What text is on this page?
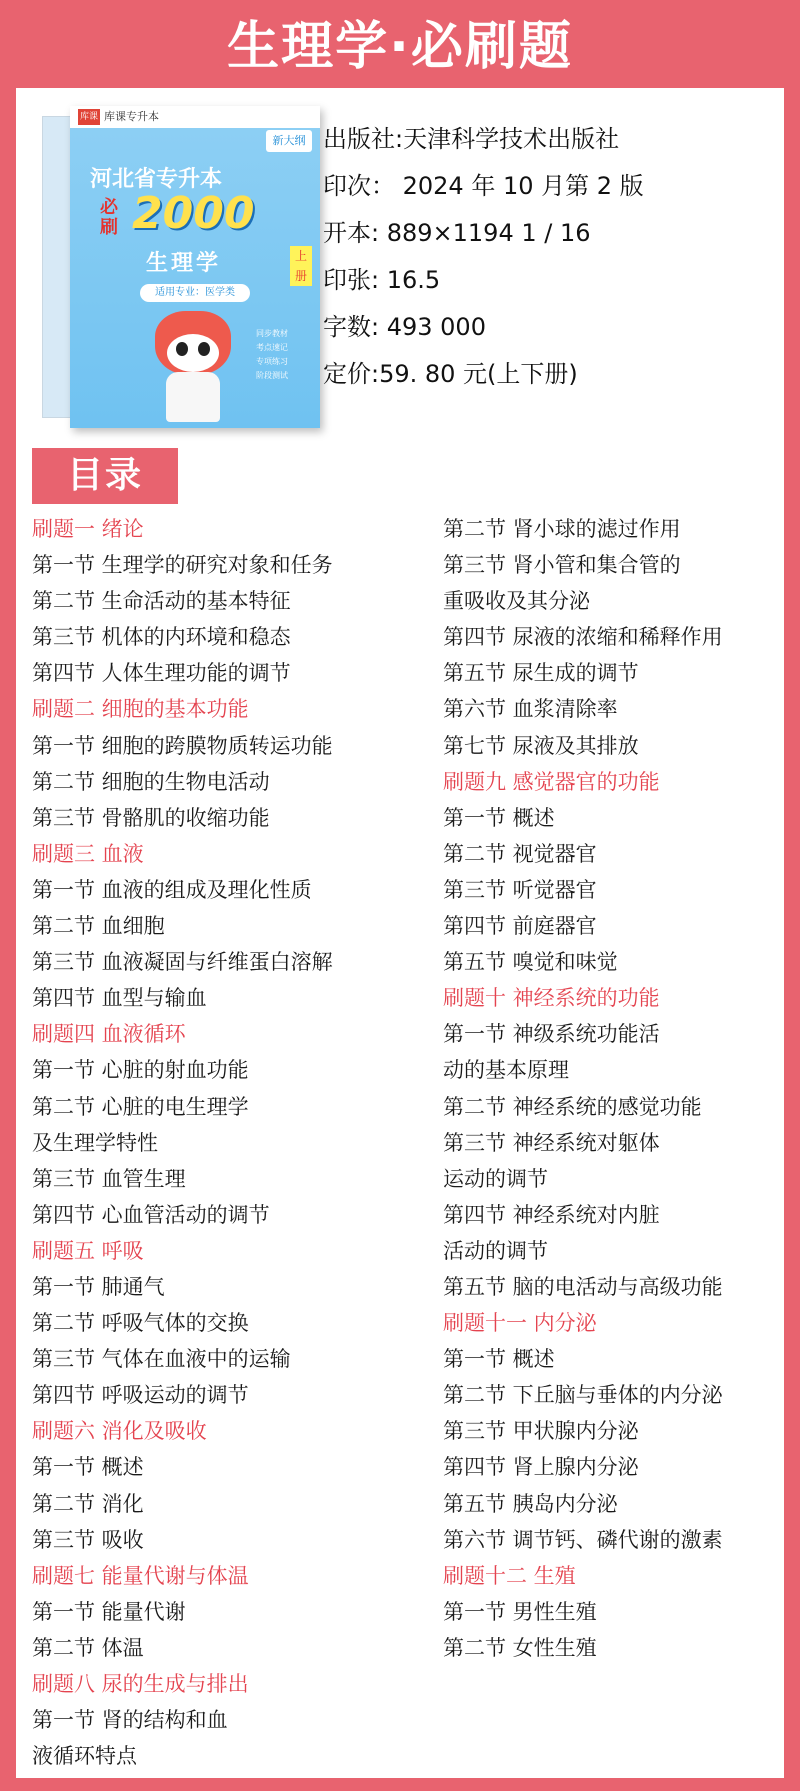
生理学·必刷题
库课 库课专升本
新大纲
河北省专升本
必刷 2000
生理学	上册
适用专业：医学类
同步教材
考点速记
专项练习
阶段测试
出版社:天津科学技术出版社
印次： 2024 年 10 月第 2 版
开本: 889×1194 1 / 16
印张: 16.5
字数: 493 000
定价:59. 80 元(上下册)
目录
刷题一 绪论
第一节 生理学的研究对象和任务
第二节 生命活动的基本特征
第三节 机体的内环境和稳态
第四节 人体生理功能的调节
刷题二 细胞的基本功能
第一节 细胞的跨膜物质转运功能
第二节 细胞的生物电活动
第三节 骨骼肌的收缩功能
刷题三 血液
第一节 血液的组成及理化性质
第二节 血细胞
第三节 血液凝固与纤维蛋白溶解
第四节 血型与输血
刷题四 血液循环
第一节 心脏的射血功能
第二节 心脏的电生理学
及生理学特性
第三节 血管生理
第四节 心血管活动的调节
刷题五 呼吸
第一节 肺通气
第二节 呼吸气体的交换
第三节 气体在血液中的运输
第四节 呼吸运动的调节
刷题六 消化及吸收
第一节 概述
第二节 消化
第三节 吸收
刷题七 能量代谢与体温
第一节 能量代谢
第二节 体温
刷题八 尿的生成与排出
第一节 肾的结构和血
液循环特点
第二节 肾小球的滤过作用
第三节 肾小管和集合管的
重吸收及其分泌
第四节 尿液的浓缩和稀释作用
第五节 尿生成的调节
第六节 血浆清除率
第七节 尿液及其排放
刷题九 感觉器官的功能
第一节 概述
第二节 视觉器官
第三节 听觉器官
第四节 前庭器官
第五节 嗅觉和味觉
刷题十 神经系统的功能
第一节 神级系统功能活
动的基本原理
第二节 神经系统的感觉功能
第三节 神经系统对躯体
运动的调节
第四节 神经系统对内脏
活动的调节
第五节 脑的电活动与高级功能
刷题十一 内分泌
第一节 概述
第二节 下丘脑与垂体的内分泌
第三节 甲状腺内分泌
第四节 肾上腺内分泌
第五节 胰岛内分泌
第六节 调节钙、磷代谢的激素
刷题十二 生殖
第一节 男性生殖
第二节 女性生殖
